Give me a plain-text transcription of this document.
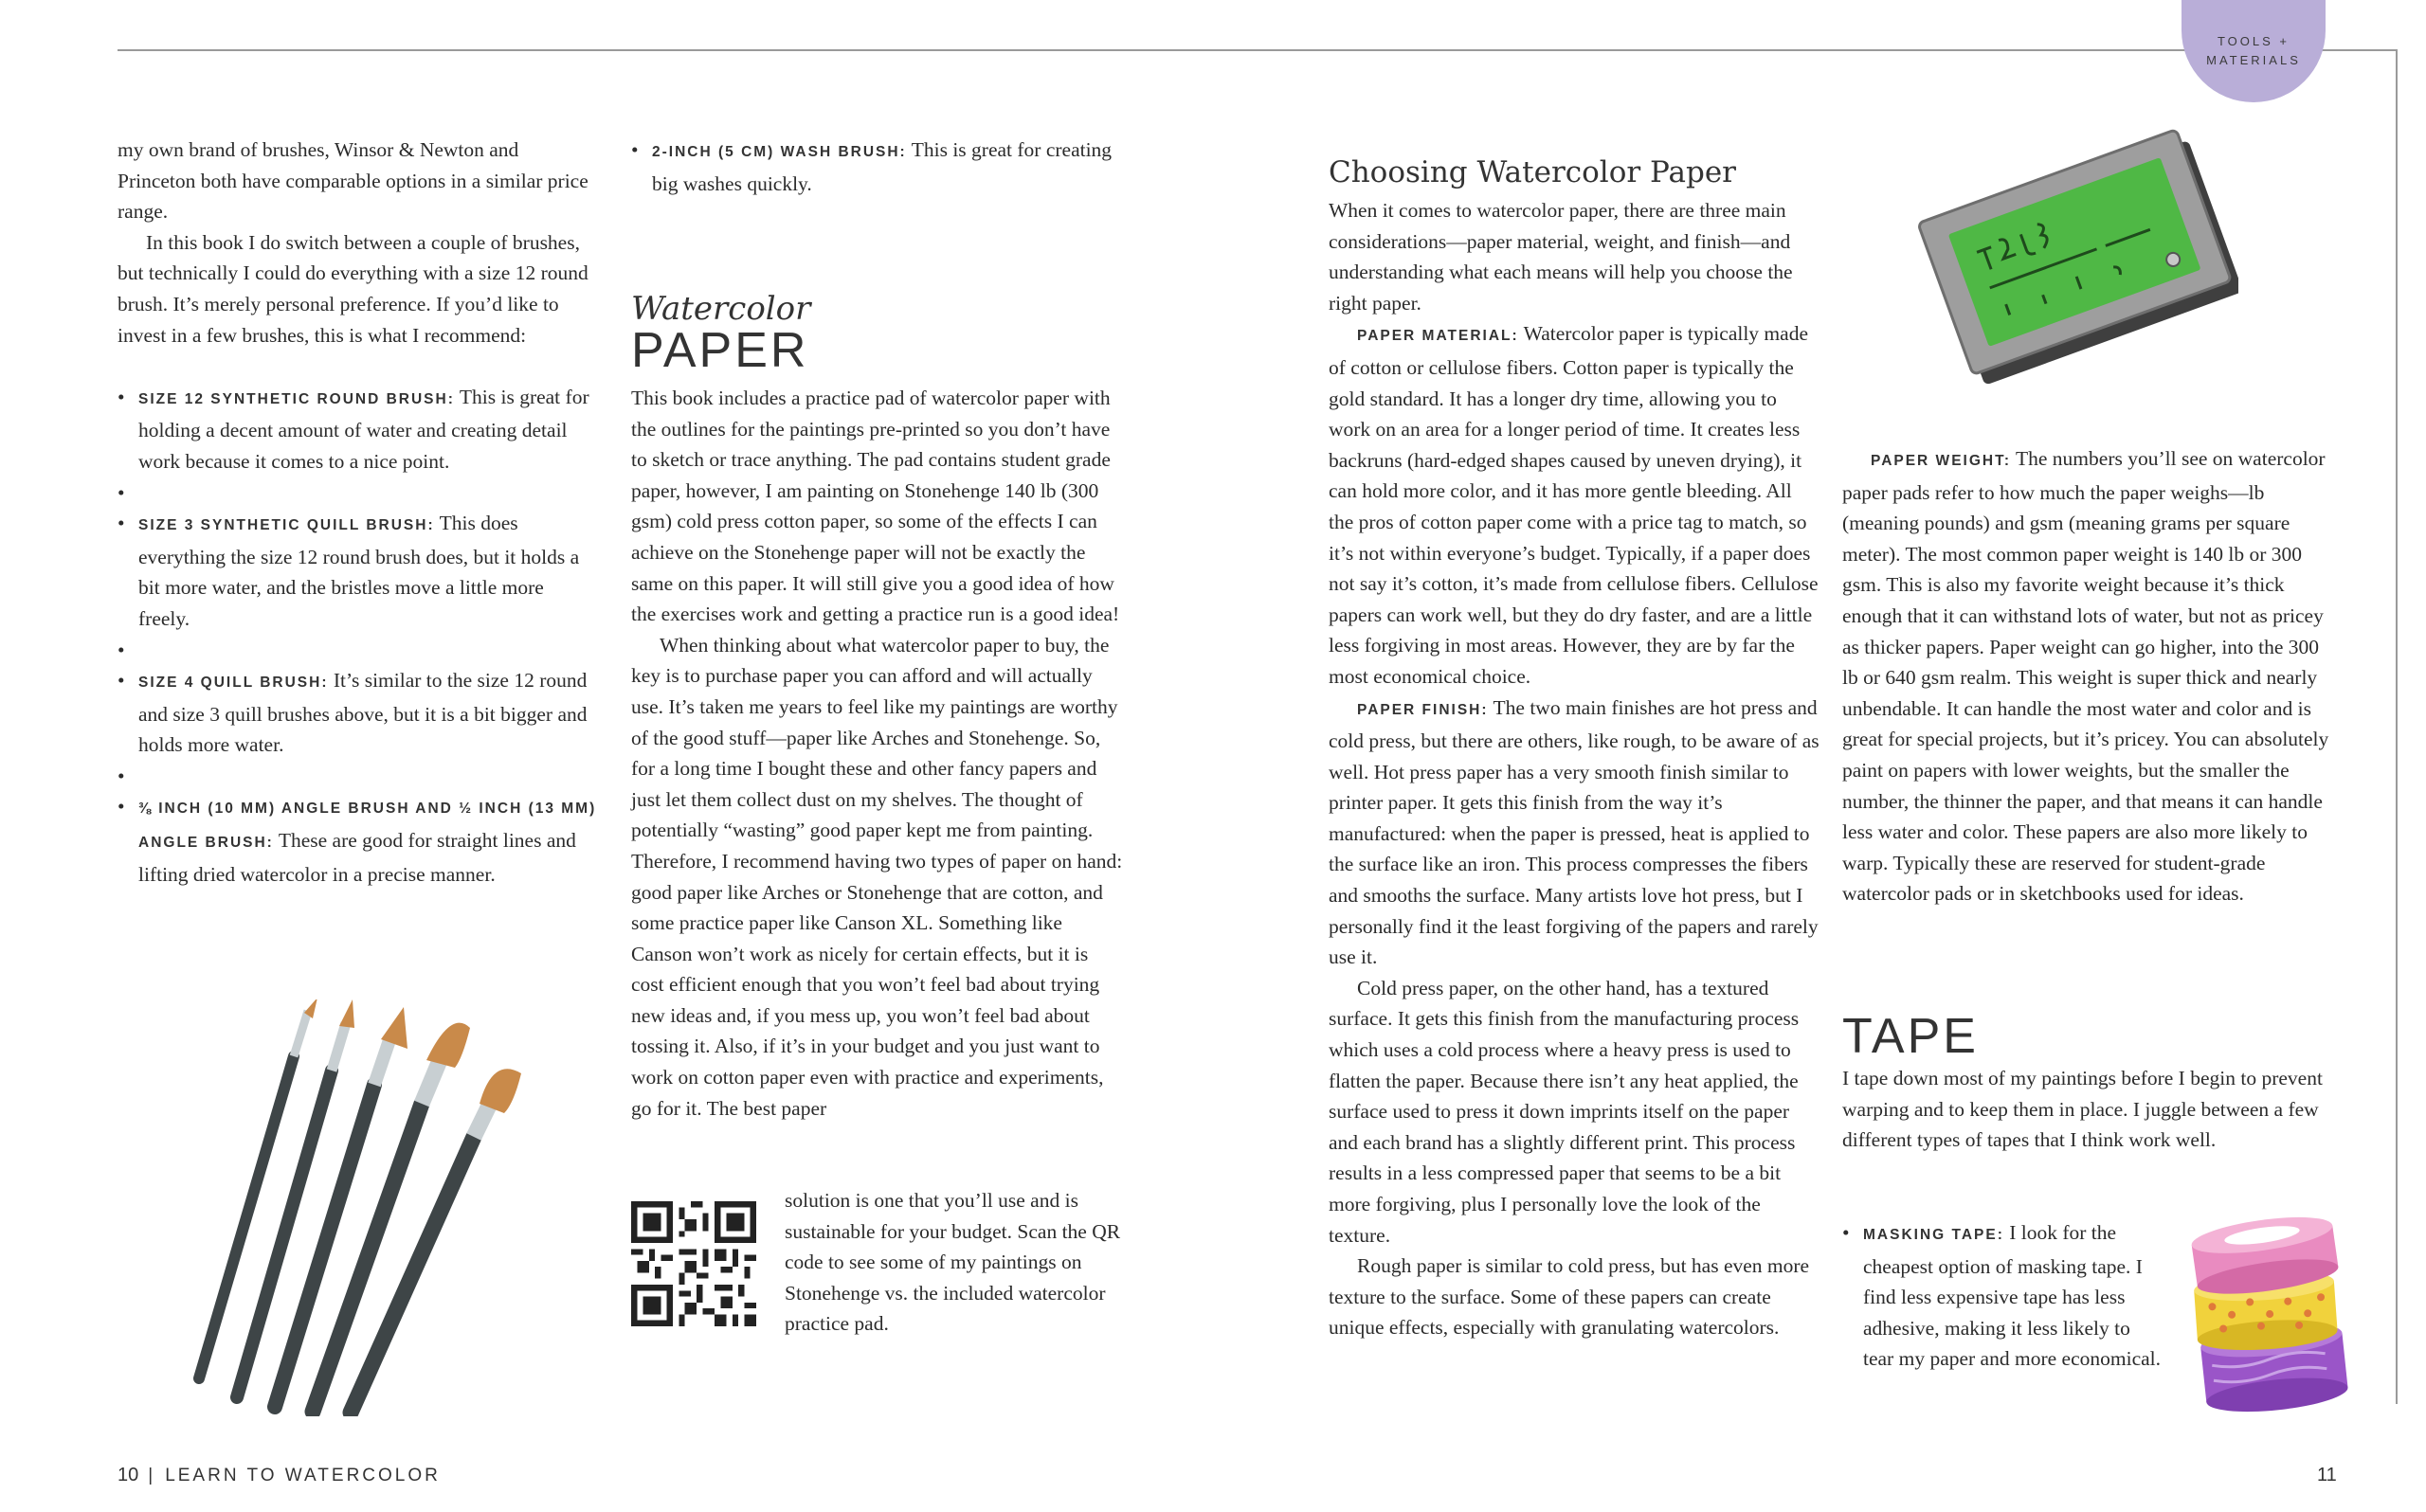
TOOLS +
MATERIALS

my own brand of brushes, Winsor & Newton and Princeton both have comparable options in a similar price range.

In this book I do switch between a couple of brushes, but technically I could do everything with a size 12 round brush. It’s merely personal preference. If you’d like to invest in a few brushes, this is what I recommend:

• SIZE 12 SYNTHETIC ROUND BRUSH: This is great for holding a decent amount of water and creating detail work because it comes to a nice point.
•
• SIZE 3 SYNTHETIC QUILL BRUSH: This does everything the size 12 round brush does, but it holds a bit more water, and the bristles move a little more freely.
•
• SIZE 4 QUILL BRUSH: It’s similar to the size 12 round and size 3 quill brushes above, but it is a bit bigger and holds more water.
•
• ⅜ INCH (10 MM) ANGLE BRUSH AND ½ INCH (13 MM) ANGLE BRUSH: These are good for straight lines and lifting dried watercolor in a precise manner.
• 2-INCH (5 CM) WASH BRUSH: This is great for creating big washes quickly.
Watercolor
PAPER

This book includes a practice pad of watercolor paper with the outlines for the paintings pre-printed so you don’t have to sketch or trace anything. The pad contains student grade paper, however, I am painting on Stonehenge 140 lb (300 gsm) cold press cotton paper, so some of the effects I can achieve on the Stonehenge paper will not be exactly the same on this paper. It will still give you a good idea of how the exercises work and getting a practice run is a good idea!

When thinking about what watercolor paper to buy, the key is to purchase paper you can afford and will actually use. It’s taken me years to feel like my paintings are worthy of the good stuff—paper like Arches and Stonehenge. So, for a long time I bought these and other fancy papers and just let them collect dust on my shelves. The thought of potentially “wasting” good paper kept me from painting. Therefore, I recommend having two types of paper on hand: good paper like Arches or Stonehenge that are cotton, and some practice paper like Canson XL. Something like Canson won’t work as nicely for certain effects, but it is cost efficient enough that you won’t feel bad about trying new ideas and, if you mess up, you won’t feel bad about tossing it. Also, if it’s in your budget and you just want to work on cotton paper even with practice and experiments, go for it. The best paper

solution is one that you’ll use and is sustainable for your budget. Scan the QR code to see some of my paintings on Stonehenge vs. the included watercolor practice pad.

Choosing Watercolor Paper

When it comes to watercolor paper, there are three main considerations—paper material, weight, and finish—and understanding what each means will help you choose the right paper.

PAPER MATERIAL: Watercolor paper is typically made of cotton or cellulose fibers. Cotton paper is typically the gold standard. It has a longer dry time, allowing you to work on an area for a longer period of time. It creates less backruns (hard-edged shapes caused by uneven drying), it can hold more color, and it has more gentle bleeding. All the pros of cotton paper come with a price tag to match, so it’s not within everyone’s budget. Typically, if a paper does not say it’s cotton, it’s made from cellulose fibers. Cellulose papers can work well, but they do dry faster, and are a little less forgiving in most areas. However, they are by far the most economical choice.

PAPER FINISH: The two main finishes are hot press and cold press, but there are others, like rough, to be aware of as well. Hot press paper has a very smooth finish similar to printer paper. It gets this finish from the way it’s manufactured: when the paper is pressed, heat is applied to the surface like an iron. This process compresses the fibers and smooths the surface. Many artists love hot press, but I personally find it the least forgiving of the papers and rarely use it.

Cold press paper, on the other hand, has a textured surface. It gets this finish from the manufacturing process which uses a cold process where a heavy press is used to flatten the paper. Because there isn’t any heat applied, the surface used to press it down imprints itself on the paper and each brand has a slightly different print. This process results in a less compressed paper that seems to be a bit more forgiving, plus I personally love the look of the texture.

Rough paper is similar to cold press, but has even more texture to the surface. Some of these papers can create unique effects, especially with granulating watercolors.

PAPER WEIGHT: The numbers you’ll see on watercolor paper pads refer to how much the paper weighs—lb (meaning pounds) and gsm (meaning grams per square meter). The most common paper weight is 140 lb or 300 gsm. This is also my favorite weight because it’s thick enough that it can withstand lots of water, but not as pricey as thicker papers. Paper weight can go higher, into the 300 lb or 640 gsm realm. This weight is super thick and nearly unbendable. It can handle the most water and color and is great for special projects, but it’s pricey. You can absolutely paint on papers with lower weights, but the smaller the number, the thinner the paper, and that means it can handle less water and color. These papers are also more likely to warp. Typically these are reserved for student-grade watercolor pads or in sketchbooks used for ideas.

TAPE

I tape down most of my paintings before I begin to prevent warping and to keep them in place. I juggle between a few different types of tapes that I think work well.

• MASKING TAPE: I look for the cheapest option of masking tape. I find less expensive tape has less adhesive, making it less likely to tear my paper and more economical.
10 | LEARN TO WATERCOLOR	11
